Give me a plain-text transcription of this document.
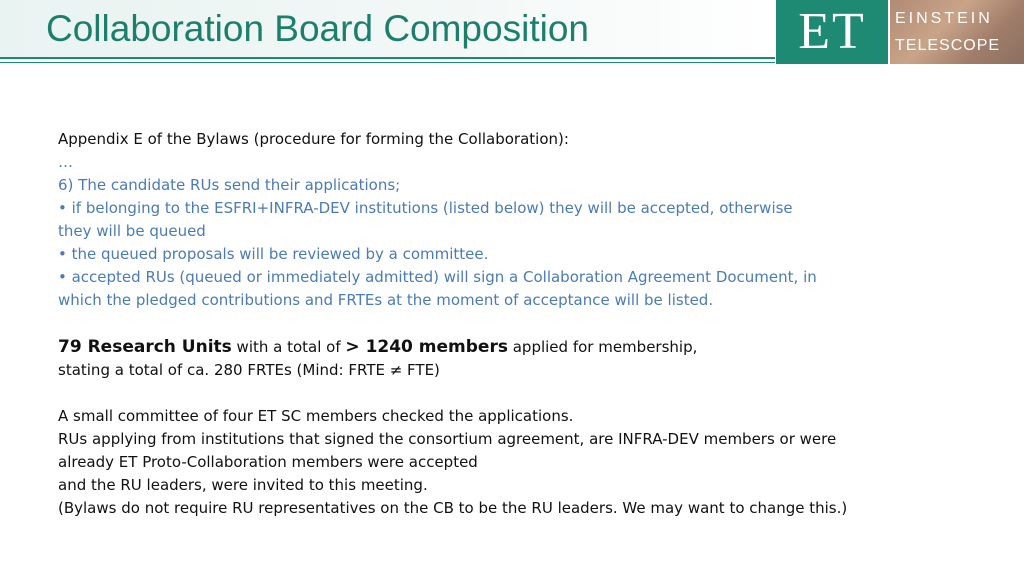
Collaboration Board Composition	ET	EINSTEIN
TELESCOPE

Appendix E of the Bylaws (procedure for forming the Collaboration):

…

6) The candidate RUs send their applications;

• if belonging to the ESFRI+INFRA-DEV institutions (listed below) they will be accepted, otherwise

they will be queued

• the queued proposals will be reviewed by a committee.

• accepted RUs (queued or immediately admitted) will sign a Collaboration Agreement Document, in

which the pledged contributions and FRTEs at the moment of acceptance will be listed.

79 Research Units with a total of > 1240 members applied for membership,

stating a total of ca. 280 FRTEs (Mind: FRTE ≠ FTE)

A small committee of four ET SC members checked the applications.

RUs applying from institutions that signed the consortium agreement, are INFRA-DEV members or were

already ET Proto-Collaboration members were accepted

and the RU leaders, were invited to this meeting.

(Bylaws do not require RU representatives on the CB to be the RU leaders. We may want to change this.)
